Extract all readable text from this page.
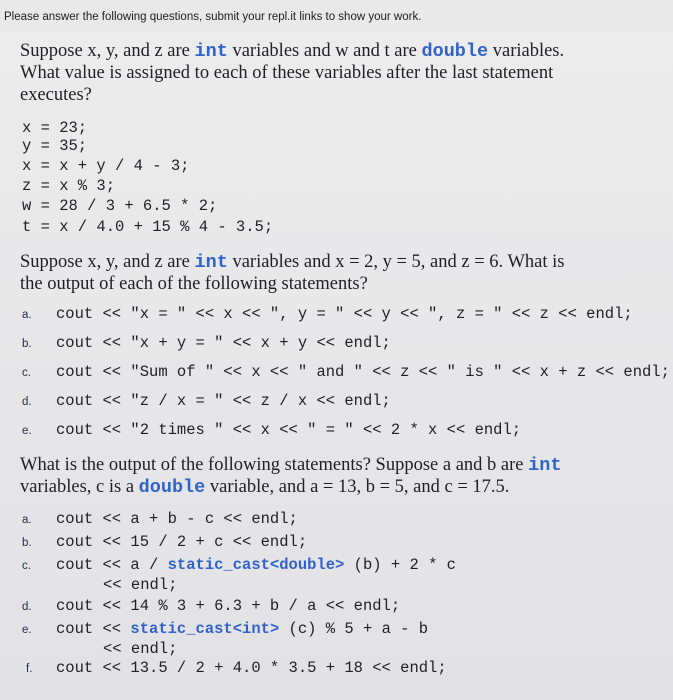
Please answer the following questions, submit your repl.it links to show your work.
Suppose x, y, and z are int variables and w and t are double variables.
What value is assigned to each of these variables after the last statement
executes?
x = 23;
y = 35;
x = x + y / 4 - 3;
z = x % 3;
w = 28 / 3 + 6.5 * 2;
t = x / 4.0 + 15 % 4 - 3.5;
Suppose x, y, and z are int variables and x = 2, y = 5, and z = 6. What is
the output of each of the following statements?
a. cout << "x = " << x << ", y = " << y << ", z = " << z << endl;
b. cout << "x + y = " << x + y << endl;
c. cout << "Sum of " << x << " and " << z << " is " << x + z << endl;
d. cout << "z / x = " << z / x << endl;
e. cout << "2 times " << x << " = " << 2 * x << endl;
What is the output of the following statements? Suppose a and b are int
variables, c is a double variable, and a = 13, b = 5, and c = 17.5.
a. cout << a + b - c << endl;
b. cout << 15 / 2 + c << endl;
c. cout << a / static_cast<double> (b) + 2 * c
<< endl;
d. cout << 14 % 3 + 6.3 + b / a << endl;
e. cout << static_cast<int> (c) % 5 + a - b
<< endl;
f. cout << 13.5 / 2 + 4.0 * 3.5 + 18 << endl;
